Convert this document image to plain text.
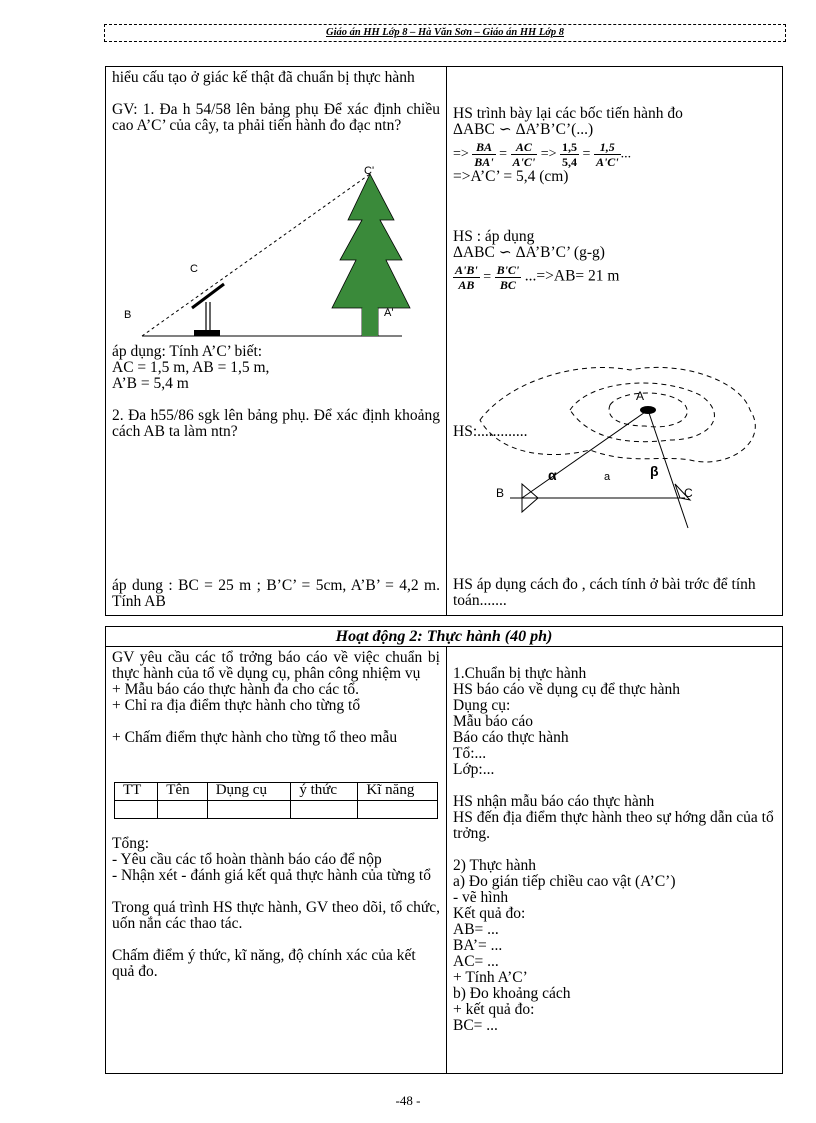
Giáo án HH Lớp 8 – Hà Văn Sơn – Giáo án HH Lớp 8

hiểu cấu tạo ở giác kế thật đã chuẩn bị thực hành

GV: 1. Đa h 54/58 lên bảng phụ Để xác định chiều cao A’C’ của cây, ta phải tiến hành đo đạc ntn?

C'
C
B	A'

áp dụng: Tính A’C’ biết:

AC = 1,5 m, AB = 1,5 m,

A’B = 5,4 m

2. Đa h55/86 sgk lên bảng phụ. Để xác định khoảng cách AB ta làm ntn?

áp dung : BC = 25 m ; B’C’ = 5cm, A’B’ = 4,2 m. Tính AB

HS trình bày lại các bốc tiến hành đo

ΔABC ∽ ΔA’B’C’(...)

=> $\frac{BA}{BA'} = \frac{AC}{A'C'} => \frac{1,5}{5,4} = \frac{1,5}{A'C'}$ ...

=>A’C’ = 5,4 (cm)

HS : áp dụng

ΔABC ∽ ΔA’B’C’ (g-g)

$\frac{A'B'}{AB} = \frac{B'C'}{BC} ...=>AB= 21$ m
A
B	C
α	β
a

HS:.............

HS áp dụng cách đo , cách tính ở bài trớc để tính toán.......

Hoạt động 2: Thực hành (40 ph)

GV yêu cầu các tổ trởng báo cáo về việc chuẩn bị thực hành của tổ về dụng cụ, phân công nhiệm vụ

+ Mẫu báo cáo thực hành đa cho các tổ.

+ Chỉ ra địa điểm thực hành cho từng tổ

+ Chấm điểm thực hành cho từng tổ theo mẫu

TT	Tên	Dụng cụ	ý thức	Kĩ năng

Tổng:

- Yêu cầu các tổ hoàn thành báo cáo để nộp

- Nhận xét - đánh giá kết quả thực hành của từng tổ

Trong quá trình HS thực hành, GV theo dõi, tổ chức, uốn nắn các thao tác.

Chấm điểm ý thức, kĩ năng, độ chính xác của kết quả đo.

1.Chuẩn bị thực hành

HS báo cáo về dụng cụ để thực hành

Dụng cụ:

Mẫu báo cáo

Báo cáo thực hành

Tổ:...

Lớp:...

HS nhận mẫu báo cáo thực hành

HS đến địa điểm thực hành theo sự hớng dẫn của tổ trởng.

2) Thực hành

a) Đo gián tiếp chiều cao vật (A’C’)

- vẽ hình

Kết quả đo:

AB= ...

BA’= ...

AC= ...

+ Tính A’C’

b) Đo khoảng cách

+ kết quả đo:

BC= ...

-48 -
